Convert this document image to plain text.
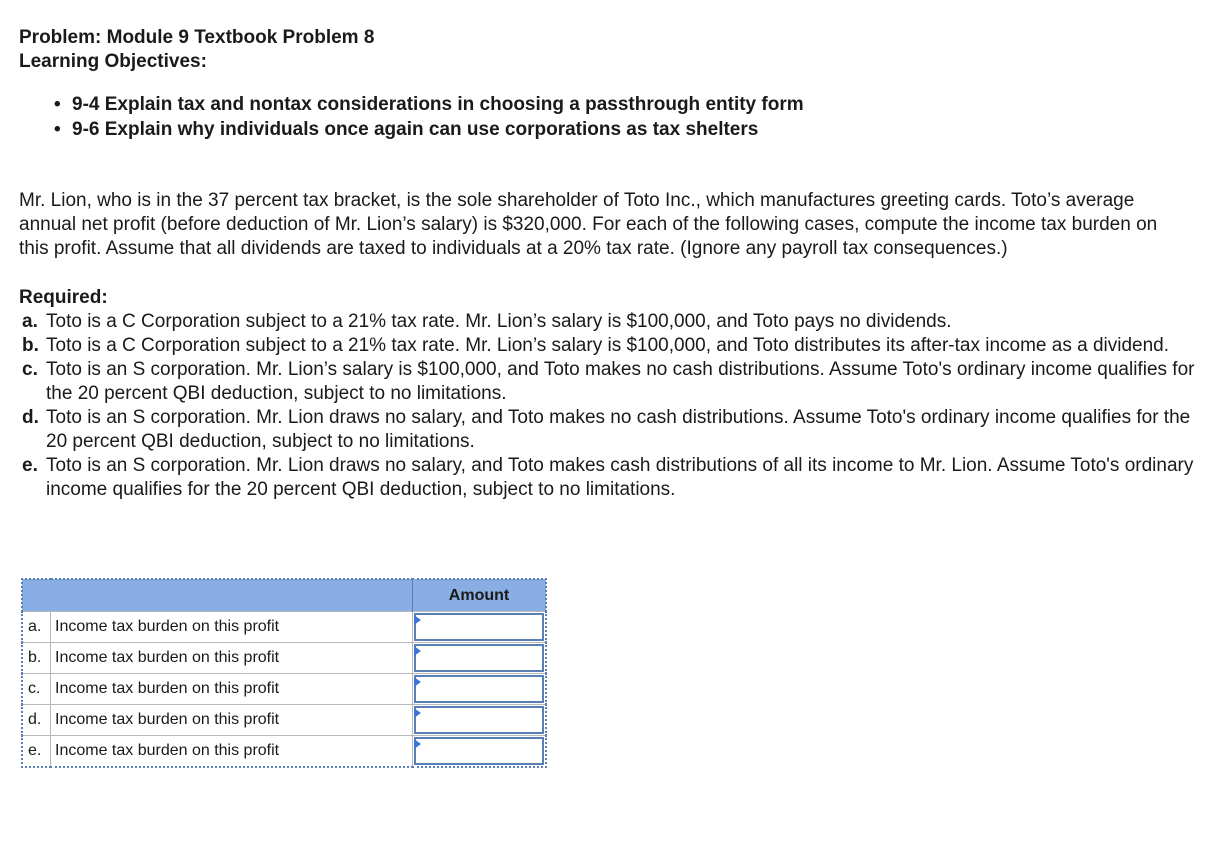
Problem: Module 9 Textbook Problem 8

Learning Objectives:

• 9-4 Explain tax and nontax considerations in choosing a passthrough entity form
• 9-6 Explain why individuals once again can use corporations as tax shelters

Mr. Lion, who is in the 37 percent tax bracket, is the sole shareholder of Toto Inc., which manufactures greeting cards. Toto’s average annual net profit (before deduction of Mr. Lion’s salary) is $320,000. For each of the following cases, compute the income tax burden on this profit. Assume that all dividends are taxed to individuals at a 20% tax rate. (Ignore any payroll tax consequences.)

Required:

a. Toto is a C Corporation subject to a 21% tax rate. Mr. Lion’s salary is $100,000, and Toto pays no dividends.
b. Toto is a C Corporation subject to a 21% tax rate. Mr. Lion’s salary is $100,000, and Toto distributes its after-tax income as a dividend.
c. Toto is an S corporation. Mr. Lion’s salary is $100,000, and Toto makes no cash distributions. Assume Toto's ordinary income qualifies for the 20 percent QBI deduction, subject to no limitations.
d. Toto is an S corporation. Mr. Lion draws no salary, and Toto makes no cash distributions. Assume Toto's ordinary income qualifies for the 20 percent QBI deduction, subject to no limitations.
e. Toto is an S corporation. Mr. Lion draws no salary, and Toto makes cash distributions of all its income to Mr. Lion. Assume Toto's ordinary income qualifies for the 20 percent QBI deduction, subject to no limitations.
		Amount
a.	Income tax burden on this profit	

b.	Income tax burden on this profit	

c.	Income tax burden on this profit	

d.	Income tax burden on this profit	

e.	Income tax burden on this profit	
